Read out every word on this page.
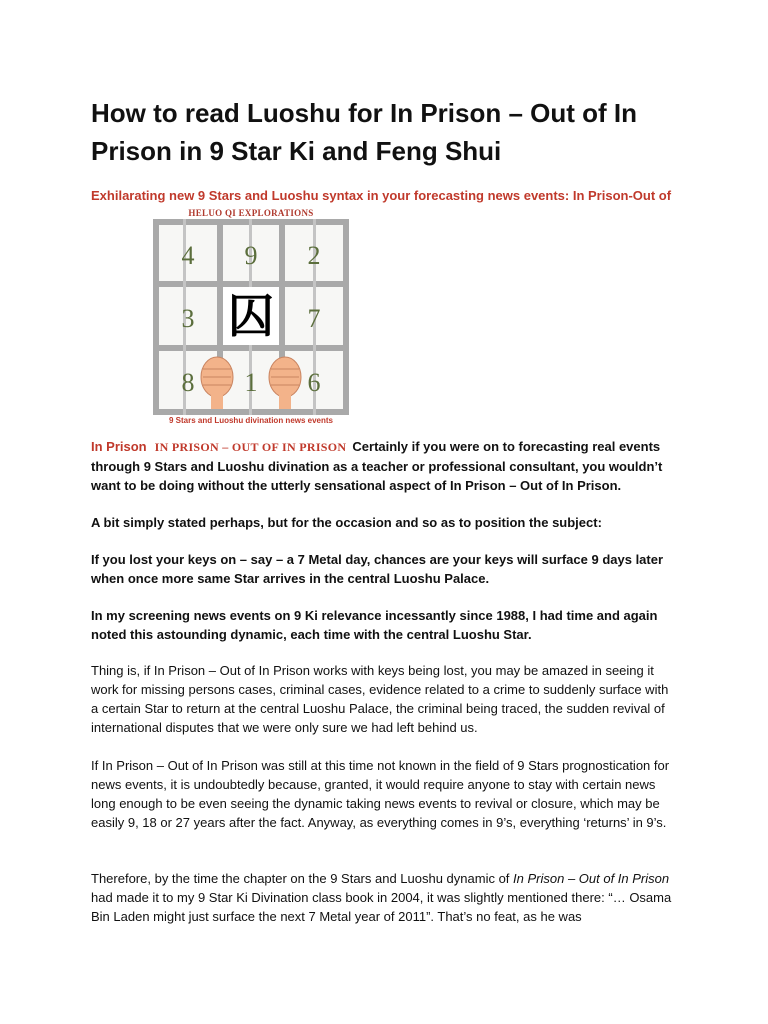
How to read Luoshu for In Prison – Out of In Prison in 9 Star Ki and Feng Shui
Exhilarating new 9 Stars and Luoshu syntax in your forecasting news events: In Prison-Out of
HELUO QI EXPLORATIONS
4 9 2
3	7
8 1 6
囚
9 Stars and Luoshu divination news events

In Prison IN PRISON – OUT OF IN PRISON Certainly if you were on to forecasting real events through 9 Stars and Luoshu divination as a teacher or professional consultant, you wouldn’t want to be doing without the utterly sensational aspect of In Prison – Out of In Prison.

A bit simply stated perhaps, but for the occasion and so as to position the subject:

If you lost your keys on – say – a 7 Metal day, chances are your keys will surface 9 days later when once more same Star arrives in the central Luoshu Palace.

In my screening news events on 9 Ki relevance incessantly since 1988, I had time and again noted this astounding dynamic, each time with the central Luoshu Star.

Thing is, if In Prison – Out of In Prison works with keys being lost, you may be amazed in seeing it work for missing persons cases, criminal cases, evidence related to a crime to suddenly surface with a certain Star to return at the central Luoshu Palace, the criminal being traced, the sudden revival of international disputes that we were only sure we had left behind us.

If In Prison – Out of In Prison was still at this time not known in the field of 9 Stars prognostication for news events, it is undoubtedly because, granted, it would require anyone to stay with certain news long enough to be even seeing the dynamic taking news events to revival or closure, which may be easily 9, 18 or 27 years after the fact. Anyway, as everything comes in 9’s, everything ‘returns’ in 9’s.

Therefore, by the time the chapter on the 9 Stars and Luoshu dynamic of In Prison – Out of In Prison had made it to my 9 Star Ki Divination class book in 2004, it was slightly mentioned there: “… Osama Bin Laden might just surface the next 7 Metal year of 2011”. That’s no feat, as he was
